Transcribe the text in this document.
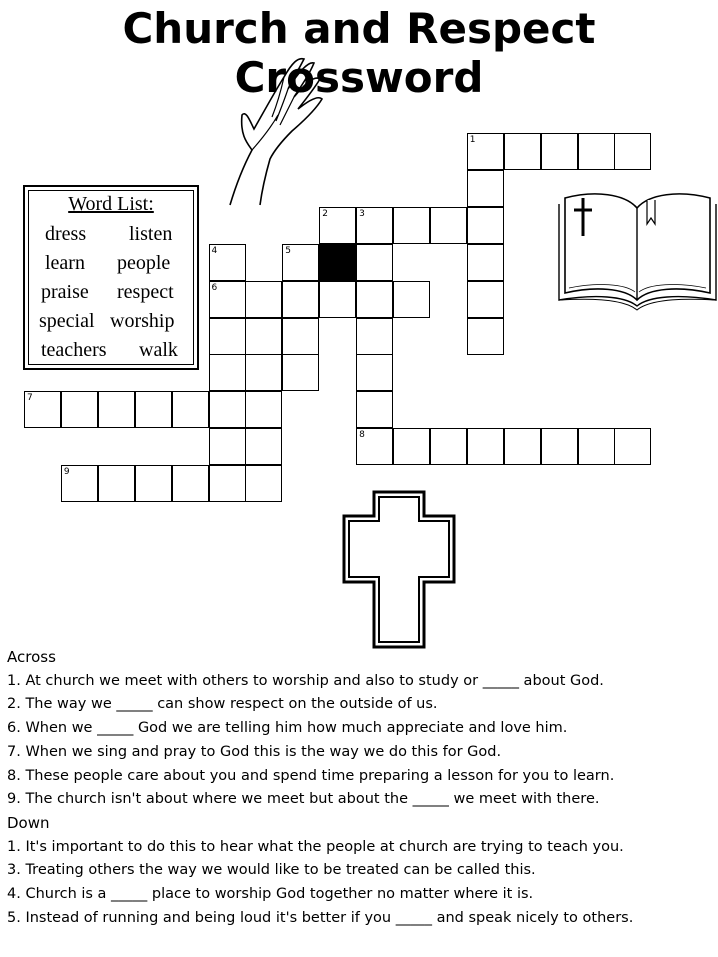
Church and Respect Crossword
Word List:
dress listen
learn people
praise respect
special worship
teachers walk
1
2	3
8
4
6
5
7
9
Across
1. At church we meet with others to worship and also to study or _____ about God.
2. The way we _____ can show respect on the outside of us.
6. When we _____ God we are telling him how much appreciate and love him.
7. When we sing and pray to God this is the way we do this for God.
8. These people care about you and spend time preparing a lesson for you to learn.
9. The church isn't about where we meet but about the _____ we meet with there.
Down
1. It's important to do this to hear what the people at church are trying to teach you.
3. Treating others the way we would like to be treated can be called this.
4. Church is a _____ place to worship God together no matter where it is.
5. Instead of running and being loud it's better if you _____ and speak nicely to others.
